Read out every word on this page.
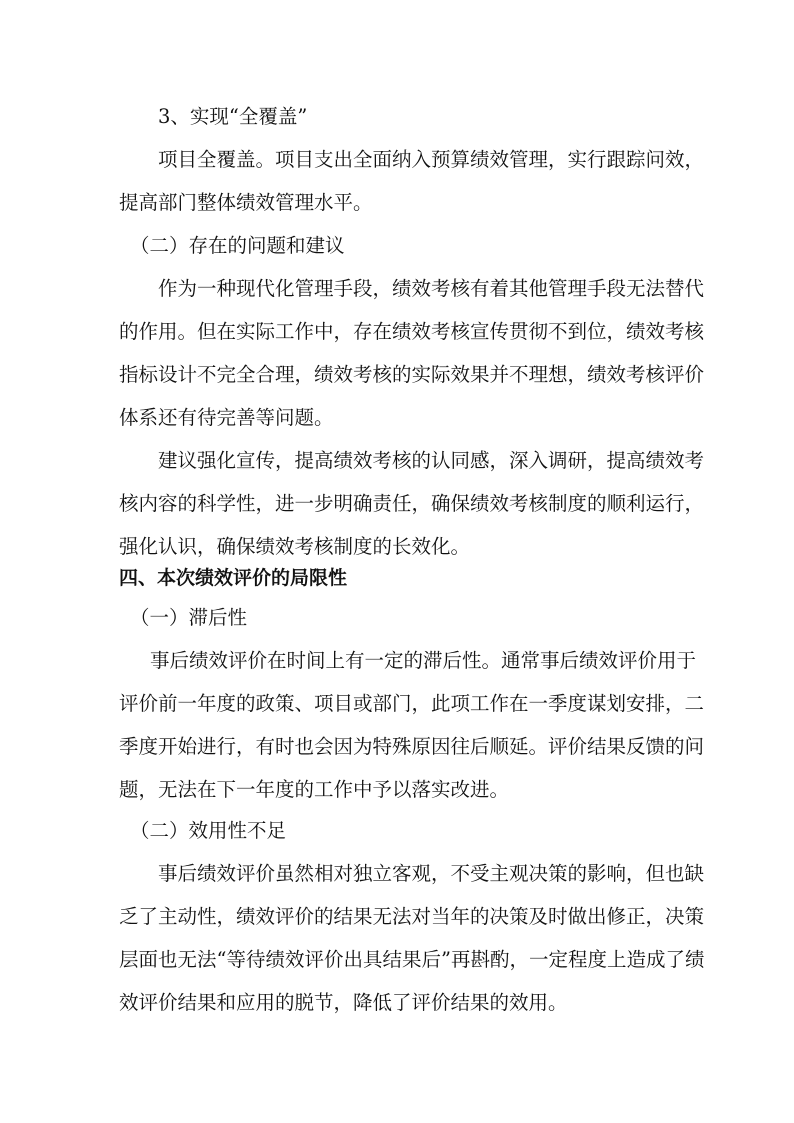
3、实现“全覆盖”
项目全覆盖。项目支出全面纳入预算绩效管理，实行跟踪问效，
提高部门整体绩效管理水平。
（二）存在的问题和建议
作为一种现代化管理手段，绩效考核有着其他管理手段无法替代
的作用。但在实际工作中，存在绩效考核宣传贯彻不到位，绩效考核
指标设计不完全合理，绩效考核的实际效果并不理想，绩效考核评价
体系还有待完善等问题。
建议强化宣传，提高绩效考核的认同感，深入调研，提高绩效考
核内容的科学性，进一步明确责任，确保绩效考核制度的顺利运行，
强化认识，确保绩效考核制度的长效化。
四、本次绩效评价的局限性
（一）滞后性
事后绩效评价在时间上有一定的滞后性。通常事后绩效评价用于
评价前一年度的政策、项目或部门，此项工作在一季度谋划安排，二
季度开始进行，有时也会因为特殊原因往后顺延。评价结果反馈的问
题，无法在下一年度的工作中予以落实改进。
（二）效用性不足
事后绩效评价虽然相对独立客观，不受主观决策的影响，但也缺
乏了主动性，绩效评价的结果无法对当年的决策及时做出修正，决策
层面也无法“等待绩效评价出具结果后”再斟酌，一定程度上造成了绩
效评价结果和应用的脱节，降低了评价结果的效用。
